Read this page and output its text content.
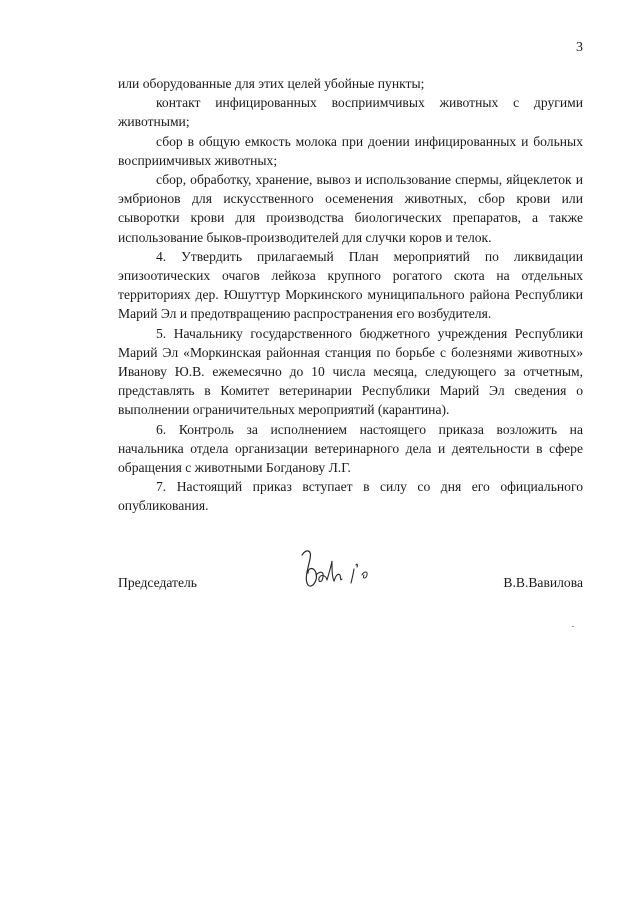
3

или оборудованные для этих целей убойные пункты;

контакт инфицированных восприимчивых животных с другими животными;

сбор в общую емкость молока при доении инфицированных и больных восприимчивых животных;

сбор, обработку, хранение, вывоз и использование спермы, яйцеклеток и эмбрионов для искусственного осеменения животных, сбор крови или сыворотки крови для производства биологических препаратов, а также использование быков-производителей для случки коров и телок.

4. Утвердить прилагаемый План мероприятий по ликвидации эпизоотических очагов лейкоза крупного рогатого скота на отдельных территориях дер. Юшуттур Моркинского муниципального района Республики Марий Эл и предотвращению распространения его возбудителя.

5. Начальнику государственного бюджетного учреждения Республики Марий Эл «Моркинская районная станция по борьбе с болезнями животных» Иванову Ю.В. ежемесячно до 10 числа месяца, следующего за отчетным, представлять в Комитет ветеринарии Республики Марий Эл сведения о выполнении ограничительных мероприятий (карантина).

6. Контроль за исполнением настоящего приказа возложить на начальника отдела организации ветеринарного дела и деятельности в сфере обращения с животными Богданову Л.Г.

7. Настоящий приказ вступает в силу со дня его официального опубликования.

Председатель	В.В.Вавилова
